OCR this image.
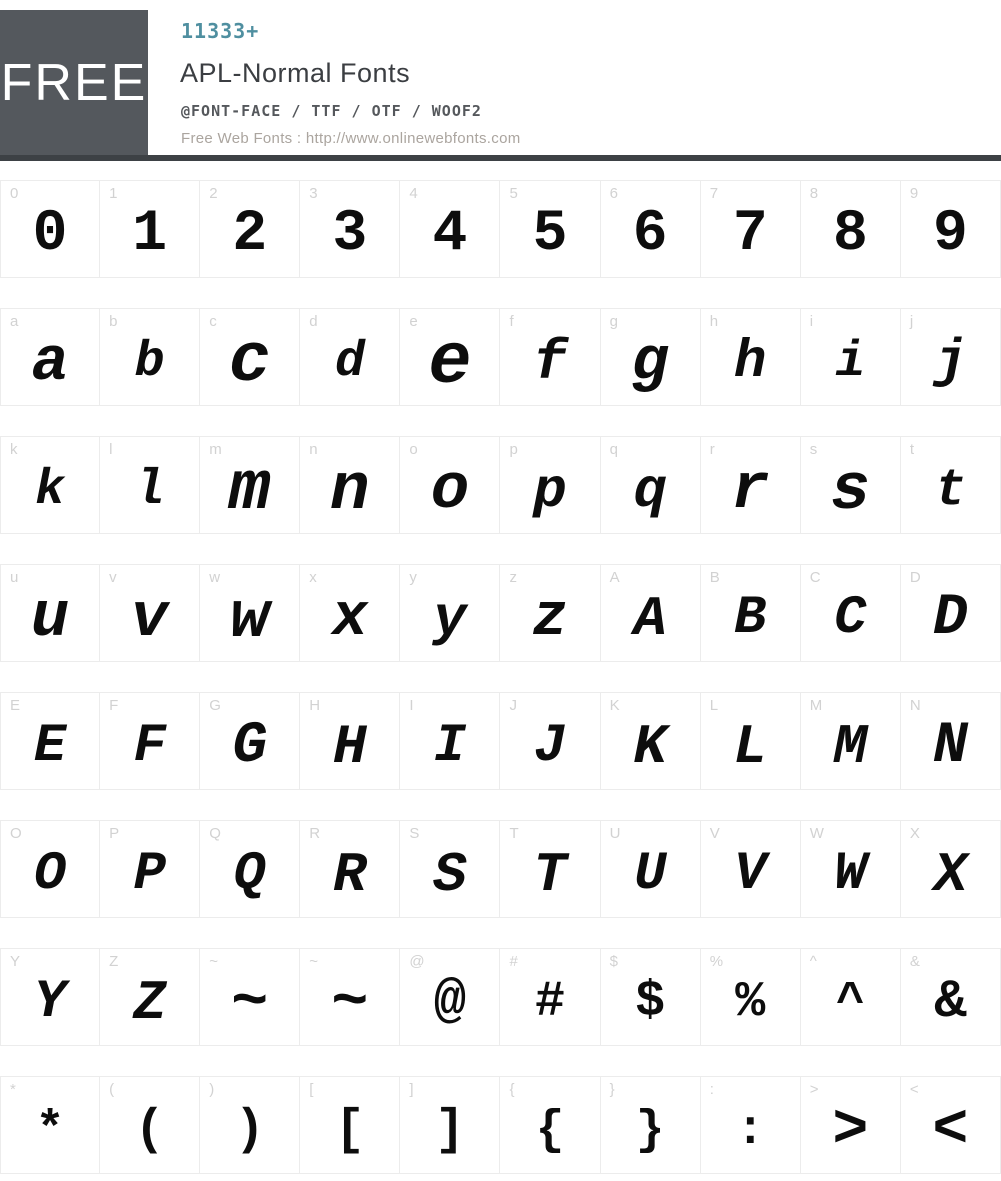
FREE
11333+
APL-Normal Fonts
@FONT-FACE / TTF / OTF / WOOF2
Free Web Fonts : http://www.onlinewebfonts.com
0
0
1
1
2
2
3
3
4
4
5
5
6
6
7
7
8
8
9
9
a
a
b
b
c
c
d
d
e
e
f
f
g
g
h
h
i
i
j
j
k
k
l
l
m
m
n
n
o
o
p
p
q
q
r
r
s
s
t
t
u
u
v
v
w
w
x
x
y
y
z
z
A
A
B
B
C
C
D
D
E
E
F
F
G
G
H
H
I
I
J
J
K
K
L
L
M
M
N
N
O
O
P
P
Q
Q
R
R
S
S
T
T
U
U
V
V
W
W
X
X
Y
Y
Z
Z
~
~
~
~
@
@
#
#
$
$
%
%
^
^
&
&
*
*
(
(
)
)
[
[
]
]
{
{
}
}
:
:
>
>
<
<
